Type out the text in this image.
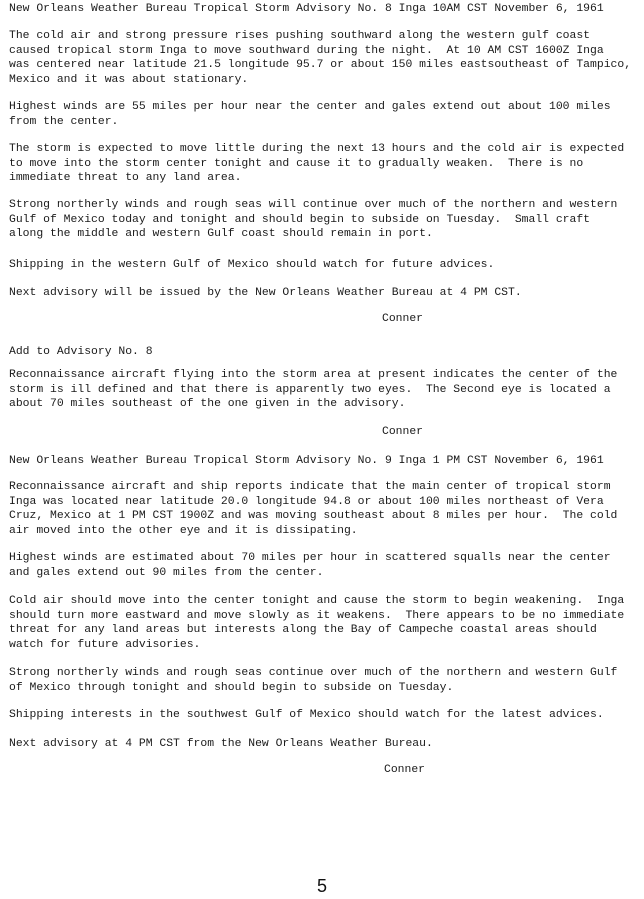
New Orleans Weather Bureau Tropical Storm Advisory No. 8 Inga 10AM CST November 6, 1961
The cold air and strong pressure rises pushing southward along the western gulf coast
caused tropical storm Inga to move southward during the night.  At 10 AM CST 1600Z Inga
was centered near latitude 21.5 longitude 95.7 or about 150 miles eastsoutheast of Tampico,
Mexico and it was about stationary.
Highest winds are 55 miles per hour near the center and gales extend out about 100 miles
from the center.
The storm is expected to move little during the next 13 hours and the cold air is expected
to move into the storm center tonight and cause it to gradually weaken.  There is no
immediate threat to any land area.
Strong northerly winds and rough seas will continue over much of the northern and western
Gulf of Mexico today and tonight and should begin to subside on Tuesday.  Small craft
along the middle and western Gulf coast should remain in port.
Shipping in the western Gulf of Mexico should watch for future advices.
Next advisory will be issued by the New Orleans Weather Bureau at 4 PM CST.
Conner
Add to Advisory No. 8
Reconnaissance aircraft flying into the storm area at present indicates the center of the
storm is ill defined and that there is apparently two eyes.  The Second eye is located a
about 70 miles southeast of the one given in the advisory.
Conner
New Orleans Weather Bureau Tropical Storm Advisory No. 9 Inga 1 PM CST November 6, 1961
Reconnaissance aircraft and ship reports indicate that the main center of tropical storm
Inga was located near latitude 20.0 longitude 94.8 or about 100 miles northeast of Vera
Cruz, Mexico at 1 PM CST 1900Z and was moving southeast about 8 miles per hour.  The cold
air moved into the other eye and it is dissipating.
Highest winds are estimated about 70 miles per hour in scattered squalls near the center
and gales extend out 90 miles from the center.
Cold air should move into the center tonight and cause the storm to begin weakening.  Inga
should turn more eastward and move slowly as it weakens.  There appears to be no immediate
threat for any land areas but interests along the Bay of Campeche coastal areas should
watch for future advisories.
Strong northerly winds and rough seas continue over much of the northern and western Gulf
of Mexico through tonight and should begin to subside on Tuesday.
Shipping interests in the southwest Gulf of Mexico should watch for the latest advices.
Next advisory at 4 PM CST from the New Orleans Weather Bureau.
Conner
5
